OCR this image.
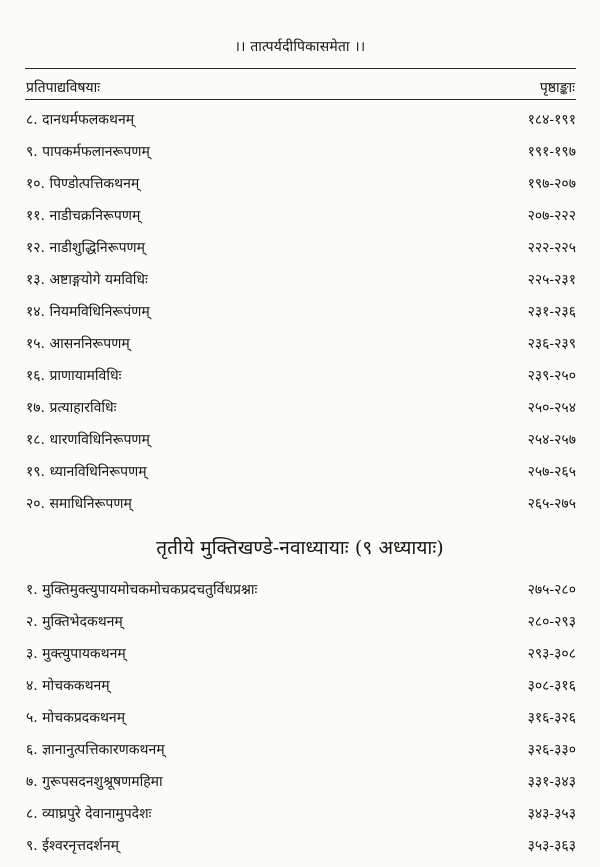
।। तात्पर्यदीपिकासमेता ।।
प्रतिपाद्यविषयाः	पृष्ठाङ्काः
८. दानधर्मफलकथनम्	१८४-१९१
९. पापकर्मफलानरूपणम्	१९१-१९७
१०. पिण्डोत्पत्तिकथनम्	१९७-२०७
११. नाडीचक्रनिरूपणम्	२०७-२२२
१२. नाडीशुद्धिनिरूपणम्	२२२-२२५
१३. अष्टाङ्गयोगे यमविधिः	२२५-२३१
१४. नियमविधिनिरूपंणम्	२३१-२३६
१५. आसननिरूपणम्	२३६-२३९
१६. प्राणायामविधिः	२३९-२५०
१७. प्रत्याहारविधिः	२५०-२५४
१८. धारणविधिनिरूपणम्	२५४-२५७
१९. ध्यानविधिनिरूपणम्	२५७-२६५
२०. समाधिनिरूपणम्	२६५-२७५
तृतीये मुक्तिखण्डे-नवाध्यायाः (९ अध्यायाः)
१. मुक्तिमुक्त्युपायमोचकमोचकप्रदचतुर्विधप्रश्नाः	२७५-२८०
२. मुक्तिभेदकथनम्	२८०-२९३
३. मुक्त्युपायकथनम्	२९३-३०८
४. मोचककथनम्	३०८-३१६
५. मोचकप्रदकथनम्	३१६-३२६
६. ज्ञानानुत्पत्तिकारणकथनम्	३२६-३३०
७. गुरूपसदनशुश्रूषणमहिमा	३३१-३४३
८. व्याघ्रपुरे देवानामुपदेशः	३४३-३५३
९. ईश्वरनृत्तदर्शनम्	३५३-३६३
